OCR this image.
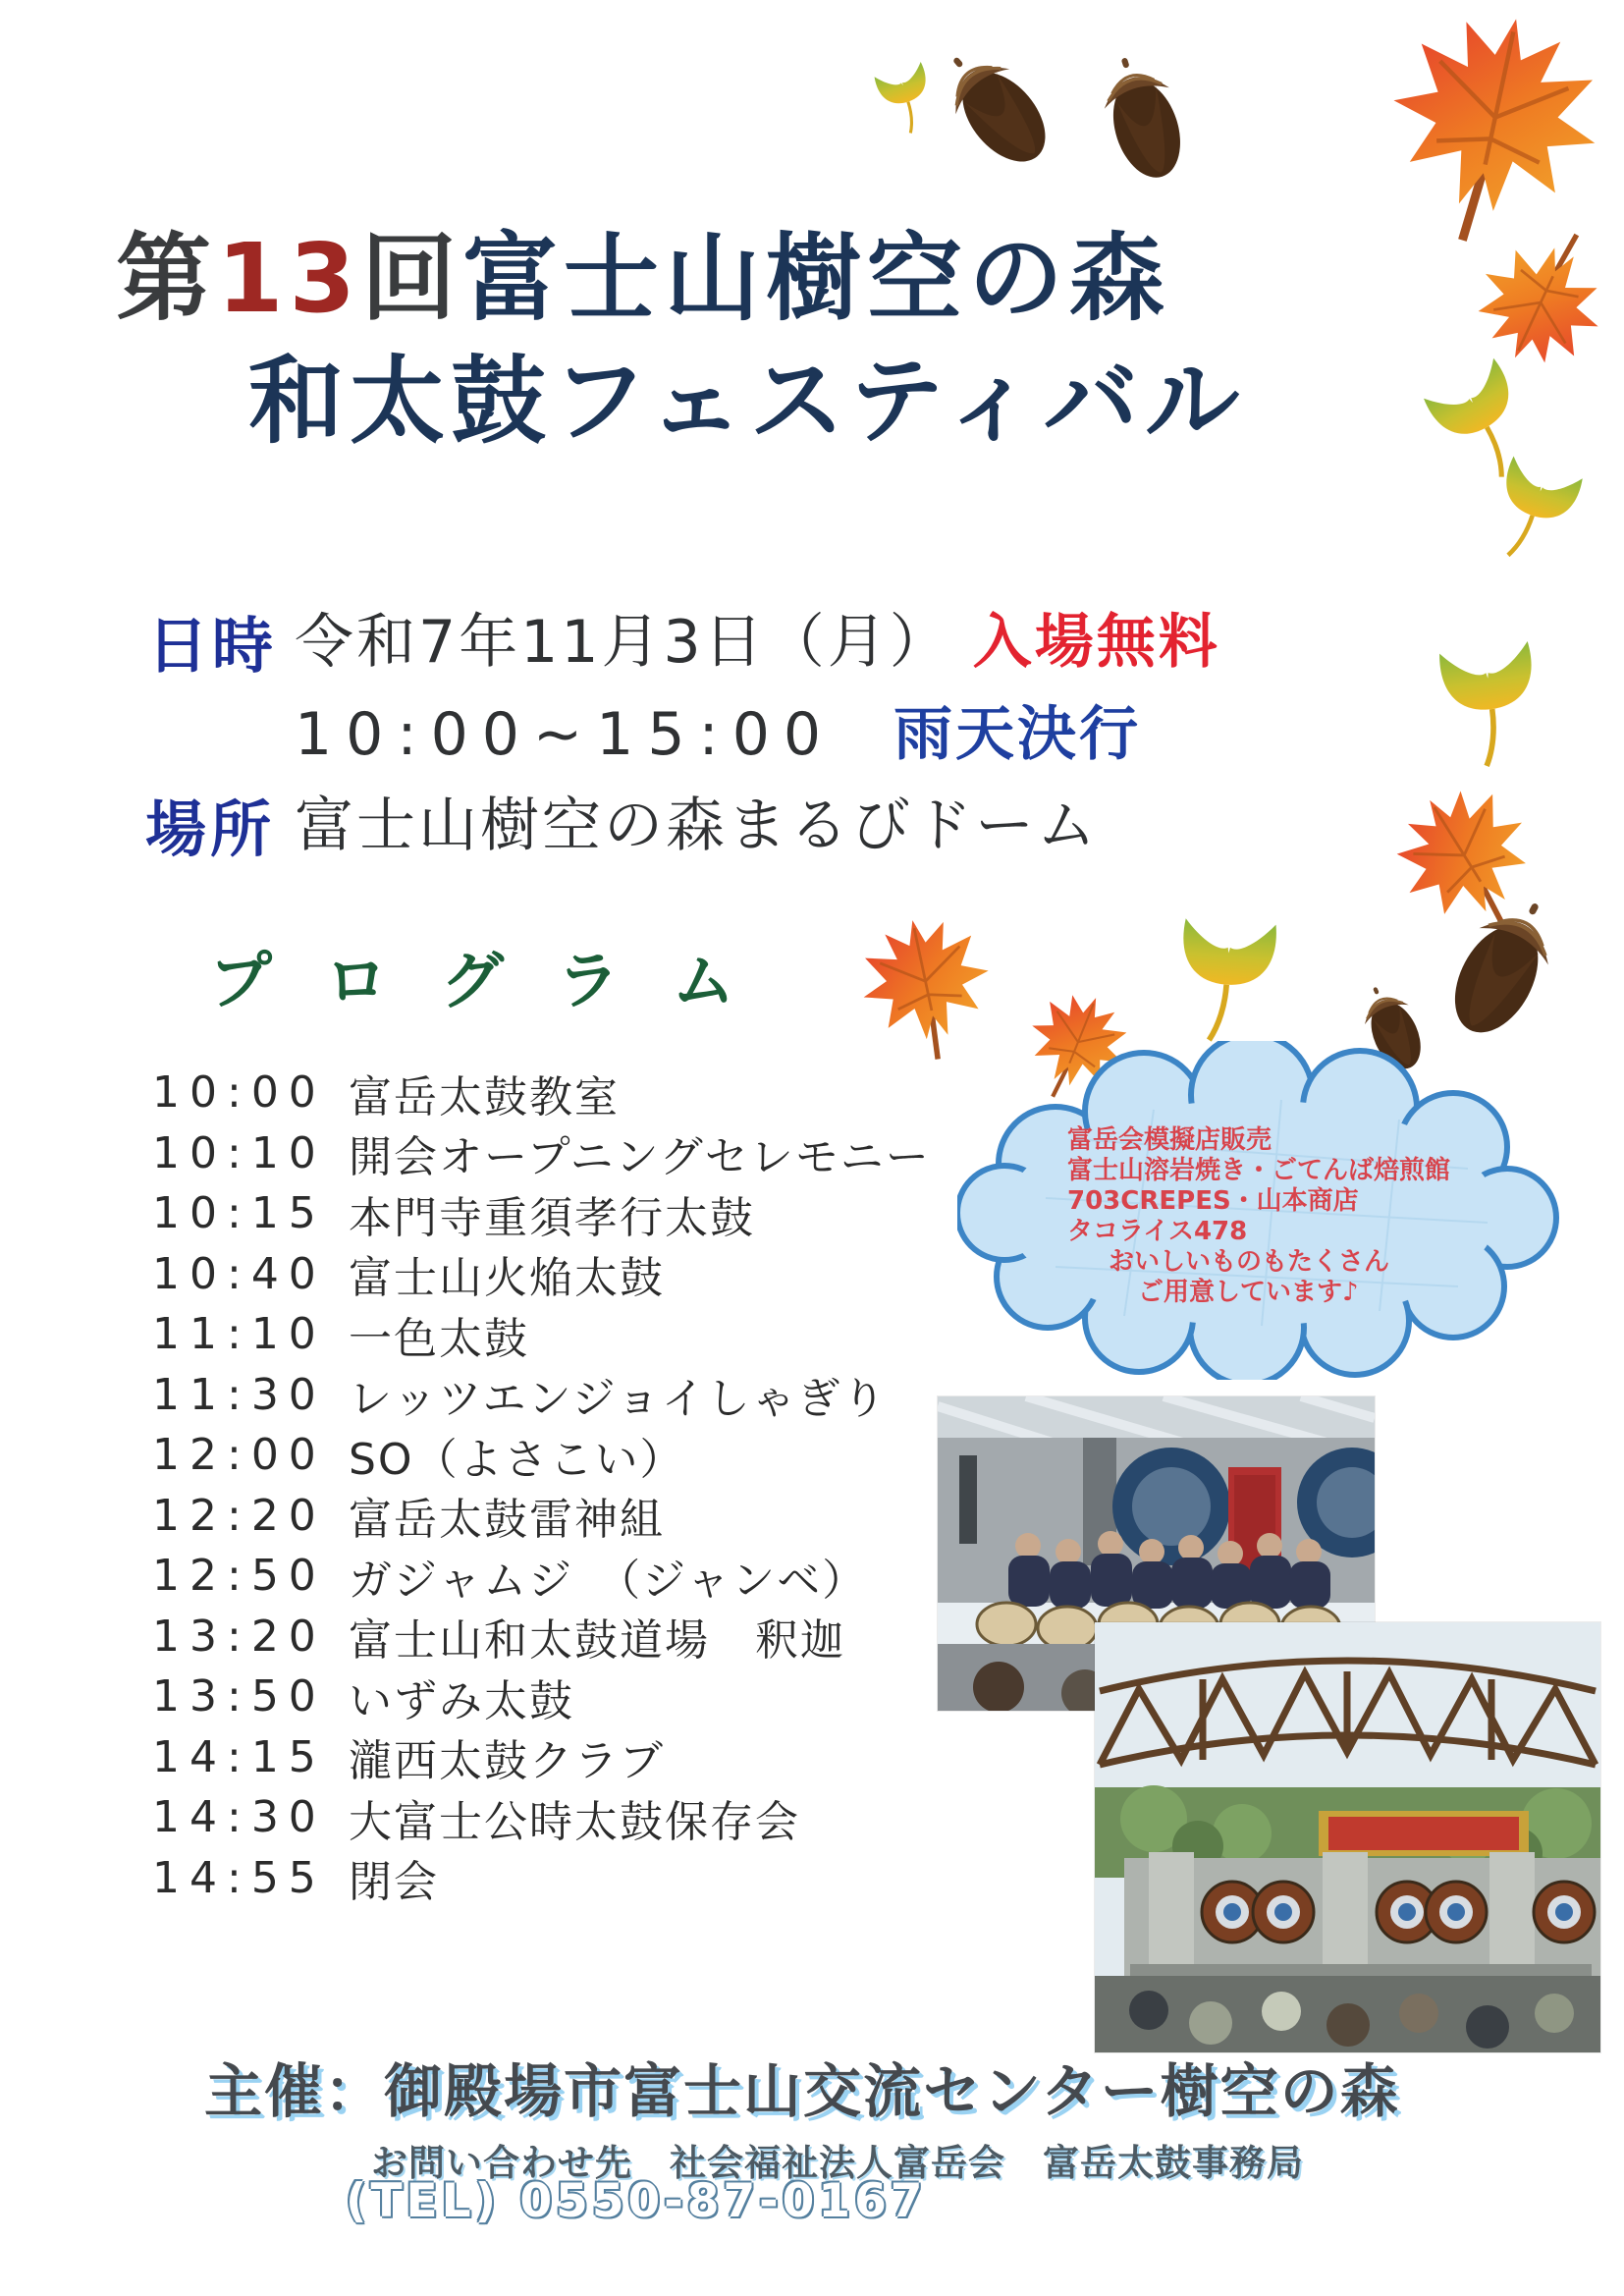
第13回富士山樹空の森
和太鼓フェスティバル
日時 令和7年11月3日（月） 入場無料
10:00~15:00 雨天決行
場所 富士山樹空の森まるびドーム
プログラム
10:00 富岳太鼓教室
10:10 開会オープニングセレモニー
10:15 本門寺重須孝行太鼓
10:40 富士山火焔太鼓
11:10 一色太鼓
11:30 レッツエンジョイしゃぎり
12:00 SO（よさこい）
12:20 富岳太鼓雷神組
12:50 ガジャムジ　（ジャンベ）
13:20 富士山和太鼓道場　釈迦
13:50 いずみ太鼓
14:15 瀧西太鼓クラブ
14:30 大富士公時太鼓保存会
14:55 閉会
富岳会模擬店販売
富士山溶岩焼き・ごてんば焙煎館
703CREPES・山本商店
タコライス478
おいしいものもたくさん
ご用意しています♪
主催：御殿場市富士山交流センター樹空の森
お問い合わせ先　社会福祉法人富岳会　富岳太鼓事務局
(TEL) 0550-87-0167
